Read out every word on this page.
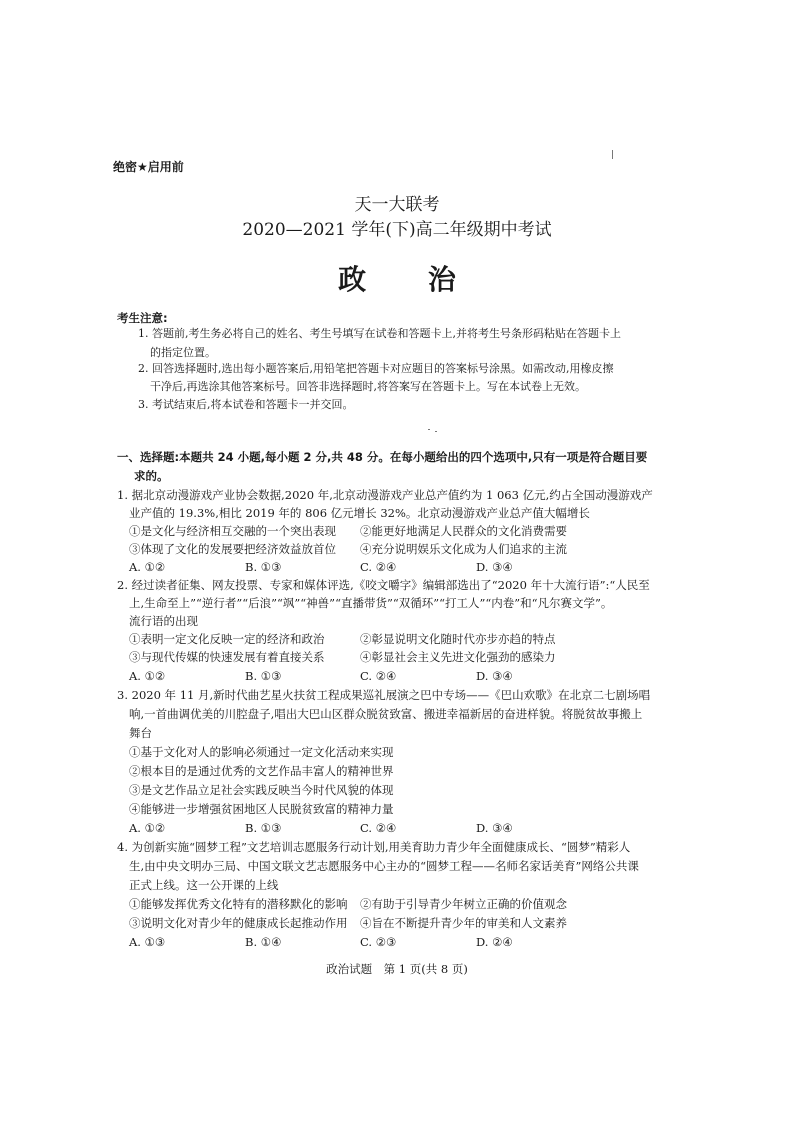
绝密★启用前
天一大联考
2020—2021 学年(下)高二年级期中考试
政 治
考生注意:
1. 答题前,考生务必将自己的姓名、考生号填写在试卷和答题卡上,并将考生号条形码粘贴在答题卡上
的指定位置。
2. 回答选择题时,选出每小题答案后,用铅笔把答题卡对应题目的答案标号涂黑。如需改动,用橡皮擦
干净后,再选涂其他答案标号。回答非选择题时,将答案写在答题卡上。写在本试卷上无效。
3. 考试结束后,将本试卷和答题卡一并交回。
一、选择题:本题共 24 小题,每小题 2 分,共 48 分。在每小题给出的四个选项中,只有一项是符合题目要
求的。
1. 据北京动漫游戏产业协会数据,2020 年,北京动漫游戏产业总产值约为 1 063 亿元,约占全国动漫游戏产
业产值的 19.3%,相比 2019 年的 806 亿元增长 32%。北京动漫游戏产业总产值大幅增长
①是文化与经济相互交融的一个突出表现 ②能更好地满足人民群众的文化消费需要
③体现了文化的发展要把经济效益放首位 ④充分说明娱乐文化成为人们追求的主流
A. ①②	B. ①③	C. ②④	D. ③④
2. 经过读者征集、网友投票、专家和媒体评选,《咬文嚼字》编辑部选出了“2020 年十大流行语”:“人民至
上,生命至上”“逆行者”“后浪”“飒”“神兽”“直播带货”“双循环”“打工人”“内卷”和“凡尔赛文学”。
流行语的出现
①表明一定文化反映一定的经济和政治	②彰显说明文化随时代亦步亦趋的特点
③与现代传媒的快速发展有着直接关系	④彰显社会主义先进文化强劲的感染力
A. ①②	B. ①③	C. ②④	D. ③④
3. 2020 年 11 月,新时代曲艺星火扶贫工程成果巡礼展演之巴中专场——《巴山欢歌》在北京二七剧场唱
响,一首曲调优美的川腔盘子,唱出大巴山区群众脱贫致富、搬进幸福新居的奋进样貌。将脱贫故事搬上
舞台
①基于文化对人的影响必须通过一定文化活动来实现
②根本目的是通过优秀的文艺作品丰富人的精神世界
③是文艺作品立足社会实践反映当今时代风貌的体现
④能够进一步增强贫困地区人民脱贫致富的精神力量
A. ①②	B. ①③	C. ②④	D. ③④
4. 为创新实施“圆梦工程”文艺培训志愿服务行动计划,用美育助力青少年全面健康成长、“圆梦”精彩人
生,由中央文明办三局、中国文联文艺志愿服务中心主办的“圆梦工程——名师名家话美育”网络公共课
正式上线。这一公开课的上线
①能够发挥优秀文化特有的潜移默化的影响 ②有助于引导青少年树立正确的价值观念
③说明文化对青少年的健康成长起推动作用 ④旨在不断提升青少年的审美和人文素养
A. ①③	B. ①④	C. ②③	D. ②④
政治试题　第 1 页(共 8 页)
